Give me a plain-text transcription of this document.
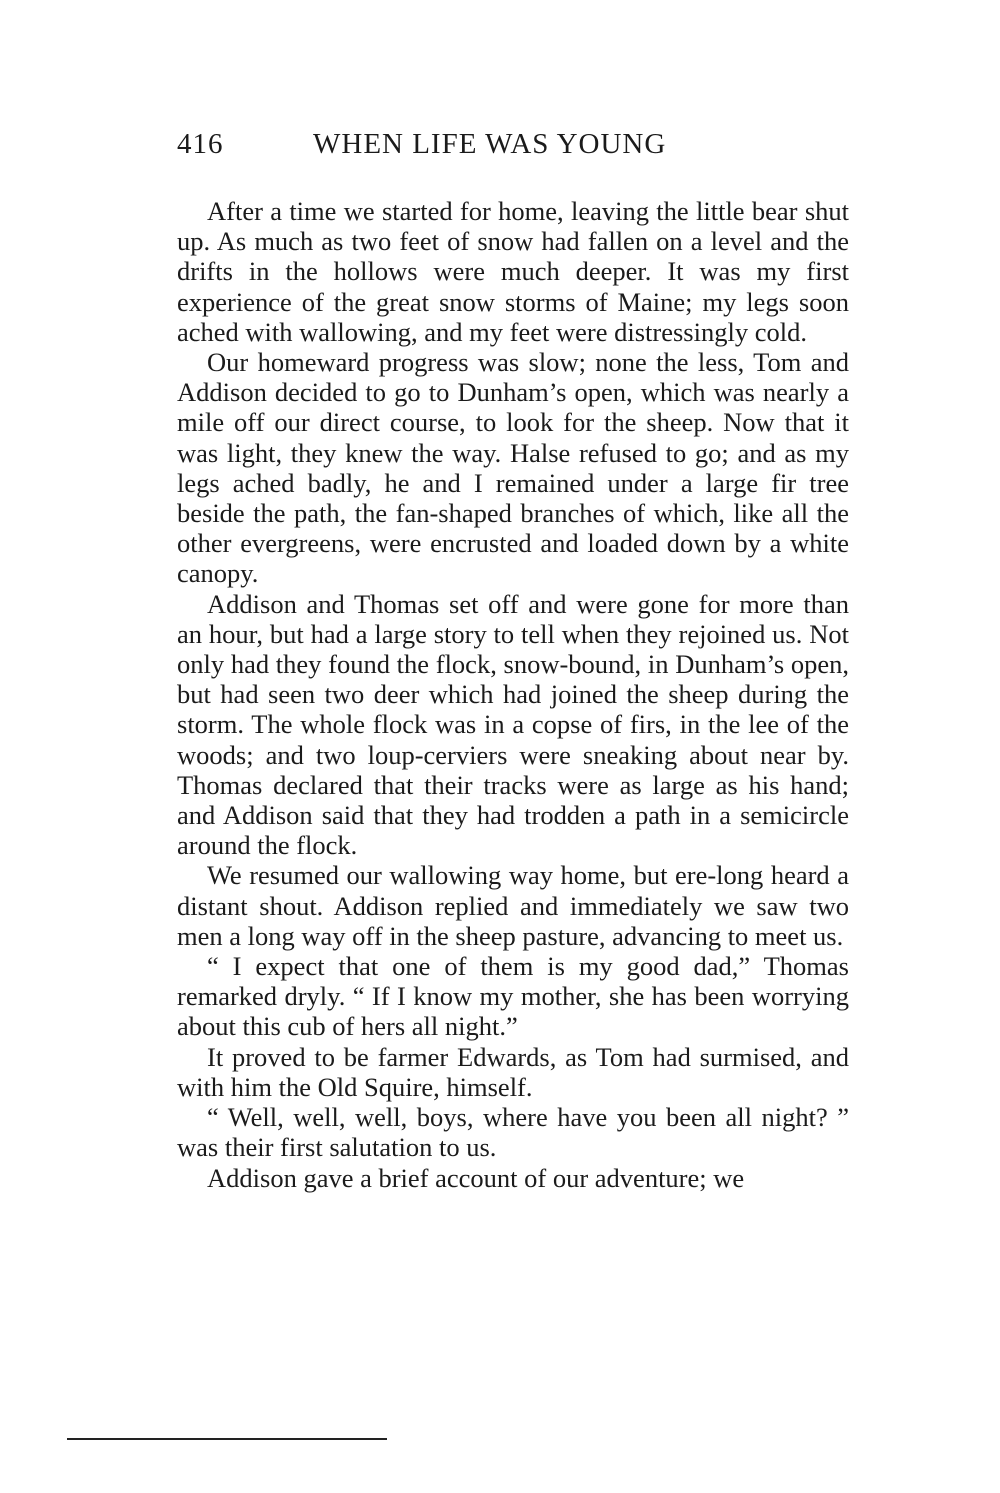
416	WHEN LIFE WAS YOUNG

After a time we started for home, leaving the little bear shut up. As much as two feet of snow had fallen on a level and the drifts in the hollows were much deeper. It was my first experience of the great snow storms of Maine; my legs soon ached with wallowing, and my feet were distressingly cold.

Our homeward progress was slow; none the less, Tom and Addison decided to go to Dunham’s open, which was nearly a mile off our direct course, to look for the sheep. Now that it was light, they knew the way. Halse refused to go; and as my legs ached badly, he and I remained under a large fir tree beside the path, the fan-shaped branches of which, like all the other evergreens, were encrusted and loaded down by a white canopy.

Addison and Thomas set off and were gone for more than an hour, but had a large story to tell when they rejoined us. Not only had they found the flock, snow-bound, in Dunham’s open, but had seen two deer which had joined the sheep during the storm. The whole flock was in a copse of firs, in the lee of the woods; and two loup-cerviers were sneaking about near by. Thomas declared that their tracks were as large as his hand; and Addison said that they had trodden a path in a semicircle around the flock.

We resumed our wallowing way home, but ere-long heard a distant shout. Addison replied and immediately we saw two men a long way off in the sheep pasture, advancing to meet us.

“ I expect that one of them is my good dad,” Thomas remarked dryly. “ If I know my mother, she has been worrying about this cub of hers all night.”

It proved to be farmer Edwards, as Tom had surmised, and with him the Old Squire, himself.

“ Well, well, well, boys, where have you been all night? ” was their first salutation to us.

Addison gave a brief account of our adventure; we
